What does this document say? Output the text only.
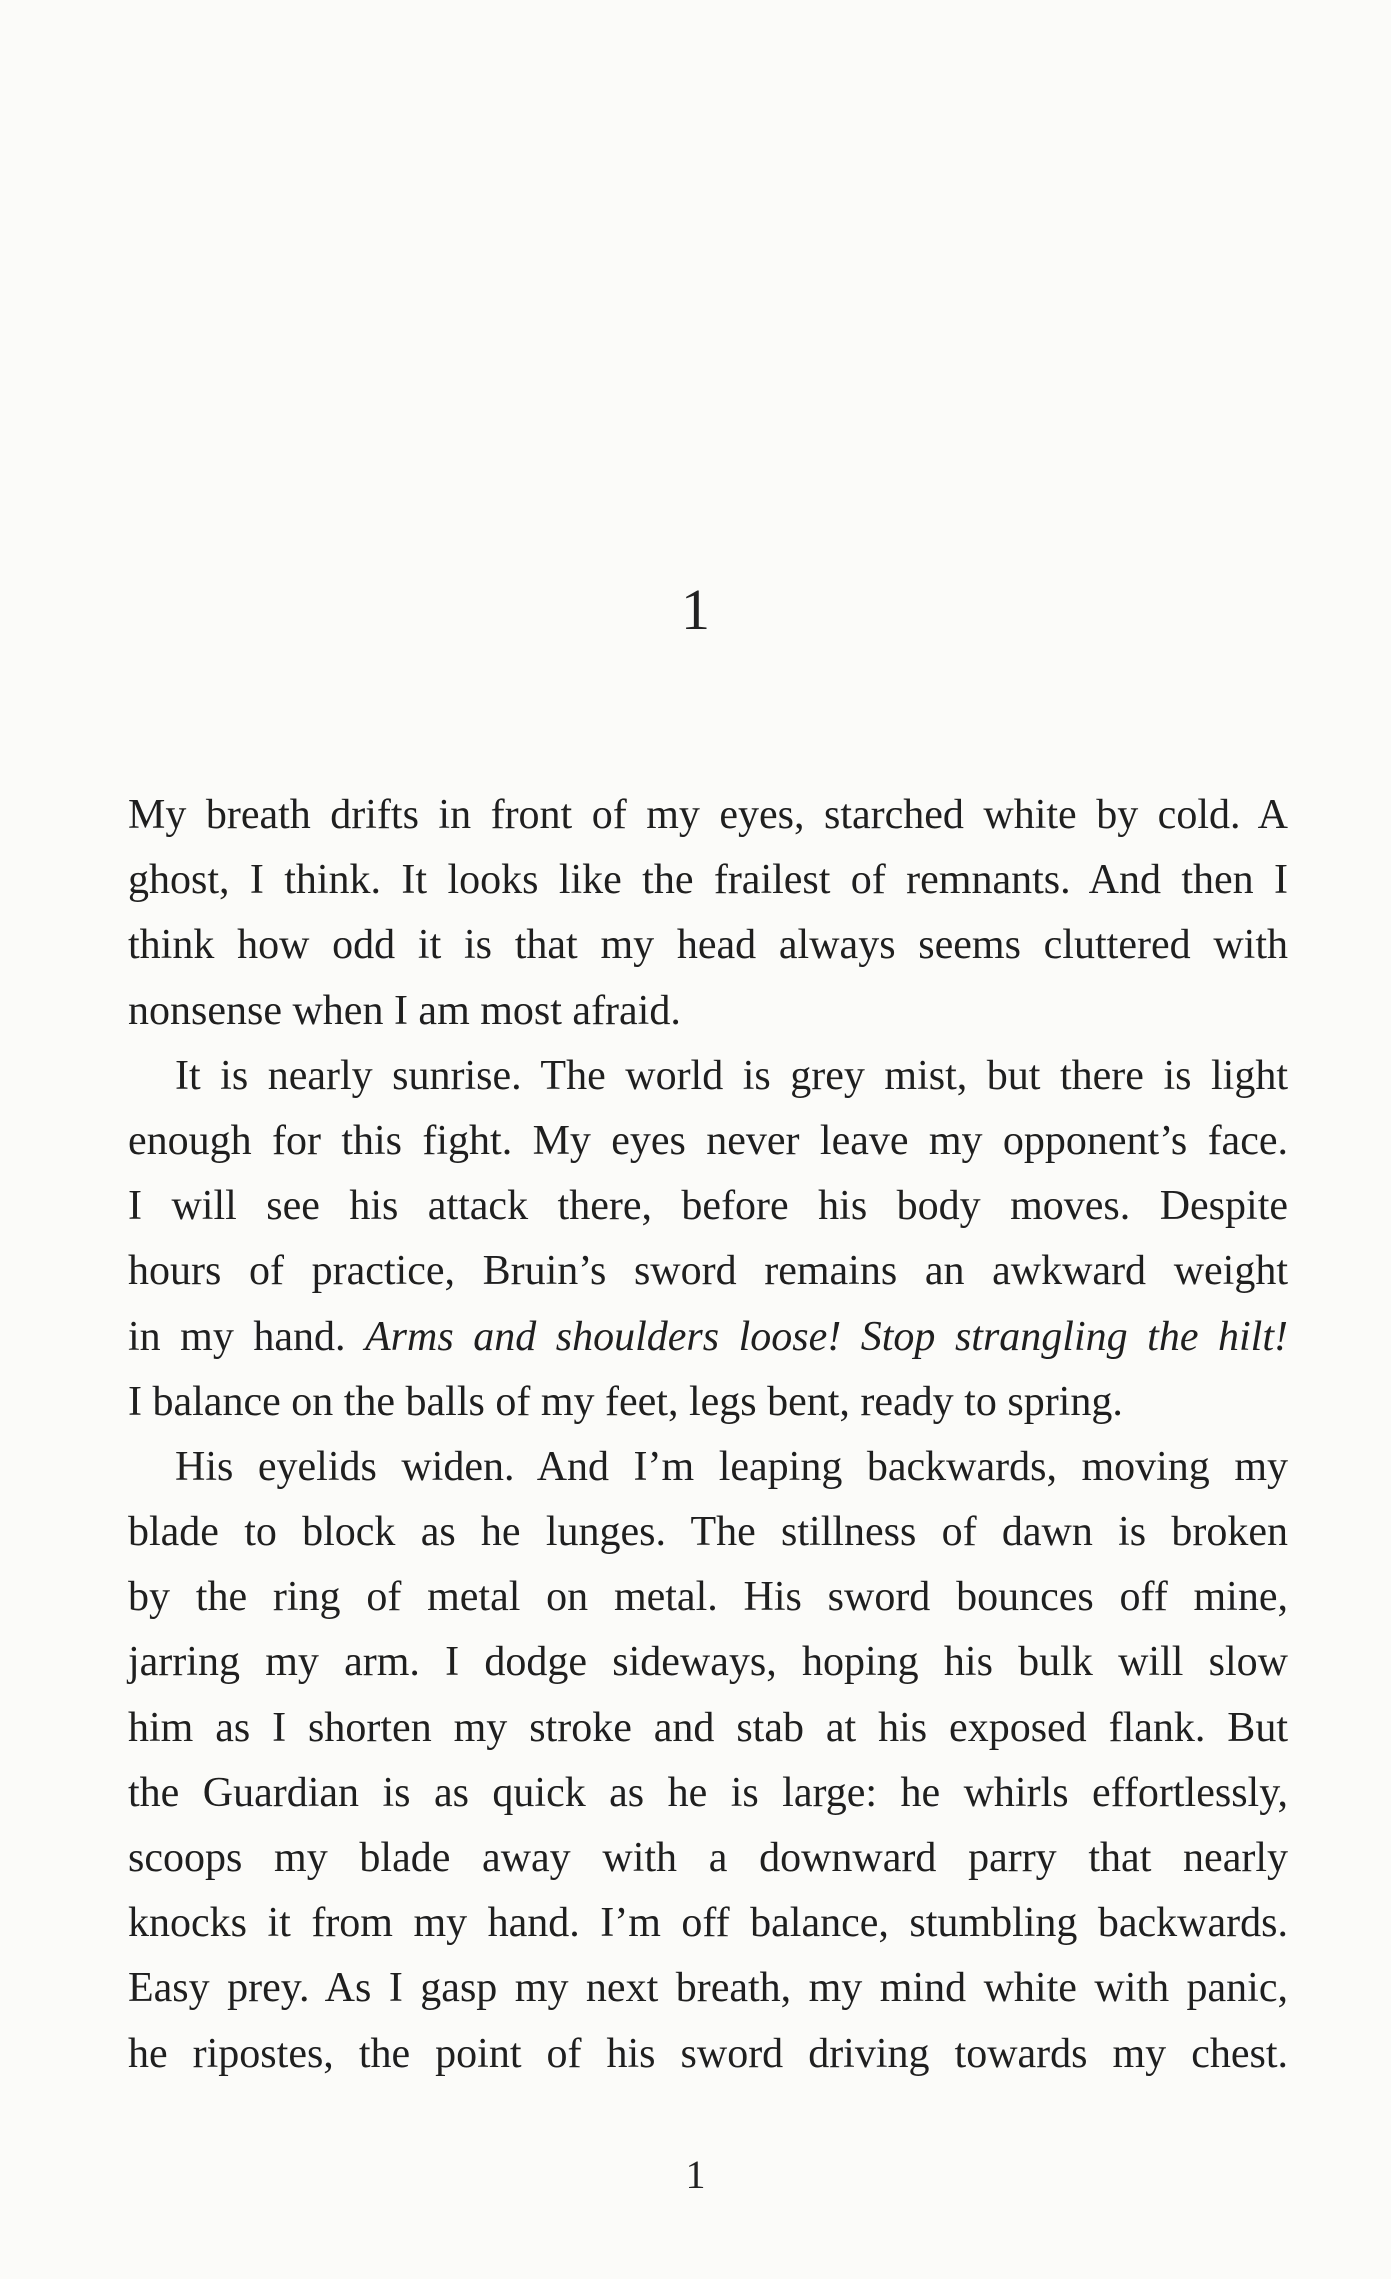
1
My breath drifts in front of my eyes, starched white by cold. A
ghost, I think. It looks like the frailest of remnants. And then I
think how odd it is that my head always seems cluttered with
nonsense when I am most afraid.
It is nearly sunrise. The world is grey mist, but there is light
enough for this fight. My eyes never leave my opponent’s face.
I will see his attack there, before his body moves. Despite
hours of practice, Bruin’s sword remains an awkward weight
in my hand. Arms and shoulders loose! Stop strangling the hilt!
I balance on the balls of my feet, legs bent, ready to spring.
His eyelids widen. And I’m leaping backwards, moving my
blade to block as he lunges. The stillness of dawn is broken
by the ring of metal on metal. His sword bounces off mine,
jarring my arm. I dodge sideways, hoping his bulk will slow
him as I shorten my stroke and stab at his exposed flank. But
the Guardian is as quick as he is large: he whirls effortlessly,
scoops my blade away with a downward parry that nearly
knocks it from my hand. I’m off balance, stumbling backwards.
Easy prey. As I gasp my next breath, my mind white with panic,
he ripostes, the point of his sword driving towards my chest.
1
